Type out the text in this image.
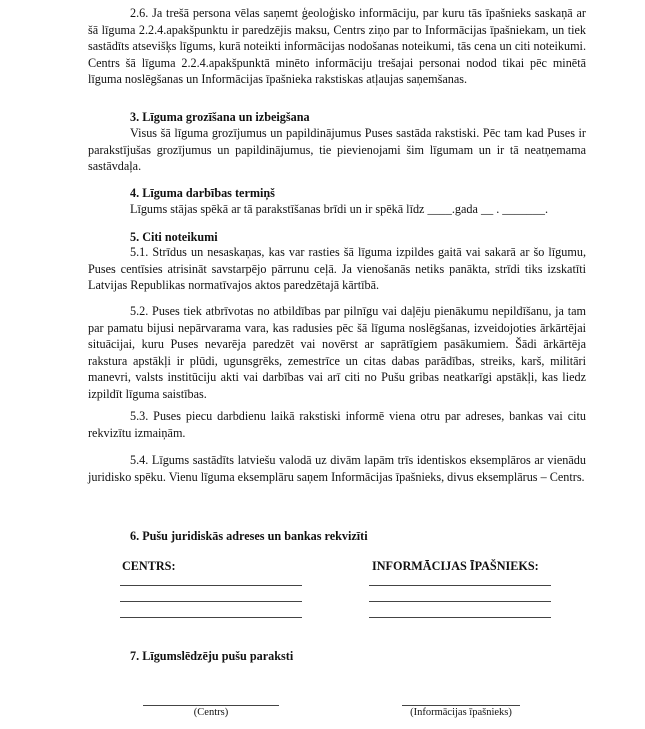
2.6. Ja trešā persona vēlas saņemt ģeoloģisko informāciju, par kuru tās īpašnieks saskaņā ar šā līguma 2.2.4.apakšpunktu ir paredzējis maksu, Centrs ziņo par to Informācijas īpašniekam, un tiek sastādīts atsevišķs līgums, kurā noteikti informācijas nodošanas noteikumi, tās cena un citi noteikumi. Centrs šā līguma 2.2.4.apakšpunktā minēto informāciju trešajai personai nodod tikai pēc minētā līguma noslēgšanas un Informācijas īpašnieka rakstiskas atļaujas saņemšanas.

3. Līguma grozīšana un izbeigšana

Visus šā līguma grozījumus un papildinājumus Puses sastāda rakstiski. Pēc tam kad Puses ir parakstījušas grozījumus un papildinājumus, tie pievienojami šim līgumam un ir tā neatņemama sastāvdaļa.

4. Līguma darbības termiņš

Līgums stājas spēkā ar tā parakstīšanas brīdi un ir spēkā līdz ____.gada __ . _______.

5. Citi noteikumi

5.1. Strīdus un nesaskaņas, kas var rasties šā līguma izpildes gaitā vai sakarā ar šo līgumu, Puses centīsies atrisināt savstarpējo pārrunu ceļā. Ja vienošanās netiks panākta, strīdi tiks izskatīti Latvijas Republikas normatīvajos aktos paredzētajā kārtībā.

5.2. Puses tiek atbrīvotas no atbildības par pilnīgu vai daļēju pienākumu nepildīšanu, ja tam par pamatu bijusi nepārvarama vara, kas radusies pēc šā līguma noslēgšanas, izveidojoties ārkārtējai situācijai, kuru Puses nevarēja paredzēt vai novērst ar saprātīgiem pasākumiem. Šādi ārkārtēja rakstura apstākļi ir plūdi, ugunsgrēks, zemestrīce un citas dabas parādības, streiks, karš, militāri manevri, valsts institūciju akti vai darbības vai arī citi no Pušu gribas neatkarīgi apstākļi, kas liedz izpildīt līguma saistības.

5.3. Puses piecu darbdienu laikā rakstiski informē viena otru par adreses, bankas vai citu rekvizītu izmaiņām.

5.4. Līgums sastādīts latviešu valodā uz divām lapām trīs identiskos eksemplāros ar vienādu juridisko spēku. Vienu līguma eksemplāru saņem Informācijas īpašnieks, divus eksemplārus – Centrs.

6. Pušu juridiskās adreses un bankas rekvizīti

CENTRS:	INFORMĀCIJAS ĪPAŠNIEKS:

7. Līgumslēdzēju pušu paraksti

(Centrs)	(Informācijas īpašnieks)
